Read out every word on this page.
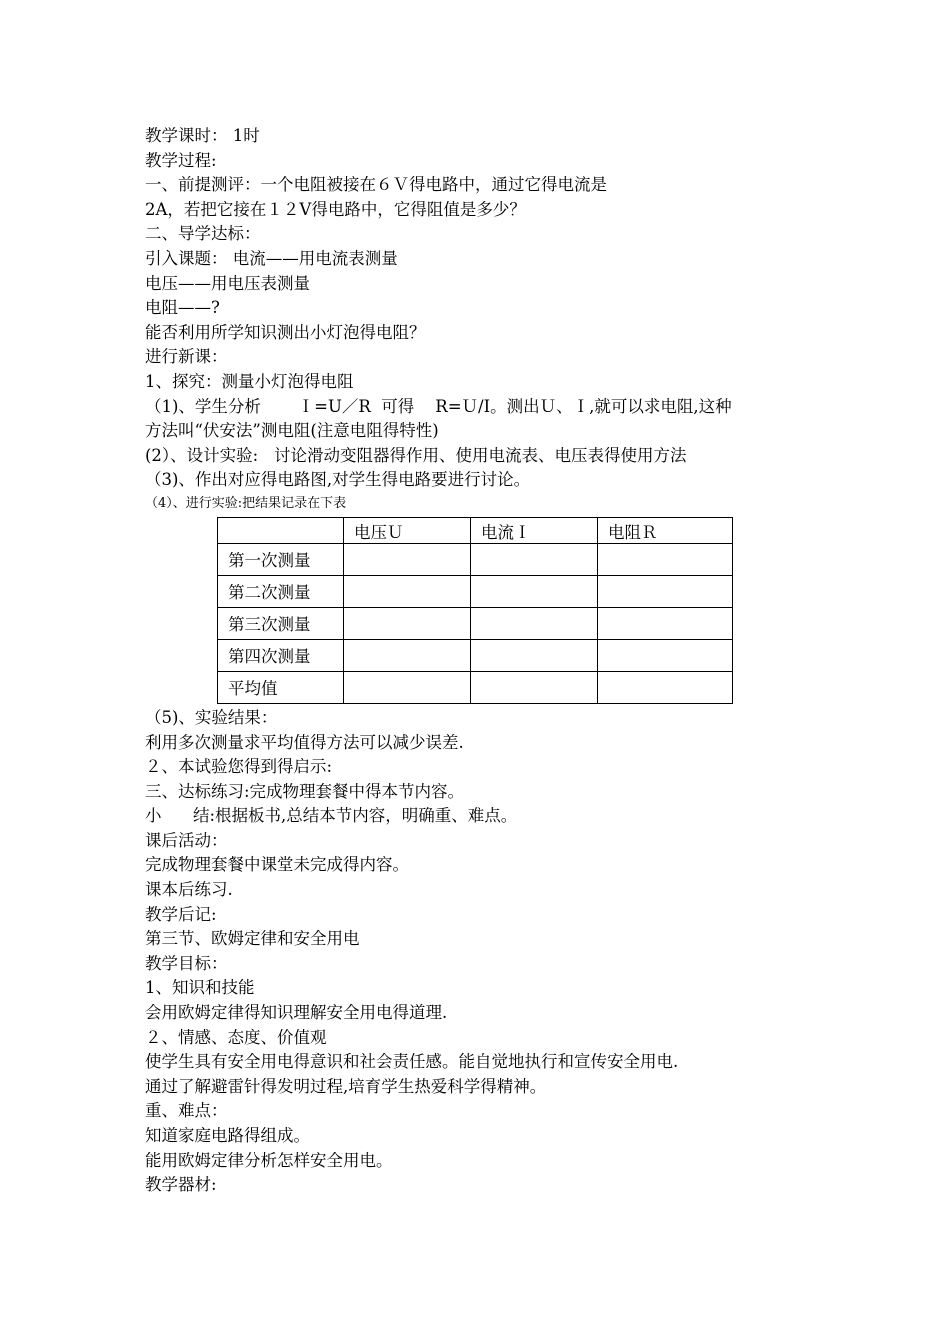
教学课时： 1时
教学过程:
一、前提测评：一个电阻被接在６Ｖ得电路中，通过它得电流是
2A，若把它接在１２V得电路中，它得阻值是多少？
二、导学达标：
引入课题： 电流——用电流表测量
电压——用电压表测量
电阻——?
能否利用所学知识测出小灯泡得电阻？
进行新课：
1、探究：测量小灯泡得电阻
（1)、学生分析       Ｉ=U／R  可得    R=Ｕ/I。测出Ｕ、Ｉ,就可以求电阻,这种
方法叫“伏安法”测电阻(注意电阻得特性)
(2）、设计实验:   讨论滑动变阻器得作用、使用电流表、电压表得使用方法
（3)、作出对应得电路图,对学生得电路要进行讨论。
（4）、进行实验:把结果记录在下表
	电压Ｕ	电流Ｉ	电阻Ｒ
第一次测量			
第二次测量			
第三次测量			
第四次测量			
平均值			
（5)、实验结果：
利用多次测量求平均值得方法可以减少误差.
２、本试验您得到得启示:
三、达标练习:完成物理套餐中得本节内容。
小      结:根据板书,总结本节内容，明确重、难点。
课后活动：
完成物理套餐中课堂未完成得内容。
课本后练习.
教学后记:
第三节、欧姆定律和安全用电
教学目标：
1、知识和技能
会用欧姆定律得知识理解安全用电得道理.
２、情感、态度、价值观
使学生具有安全用电得意识和社会责任感。能自觉地执行和宣传安全用电.
通过了解避雷针得发明过程,培育学生热爱科学得精神。
重、难点：
知道家庭电路得组成。
能用欧姆定律分析怎样安全用电。
教学器材:
